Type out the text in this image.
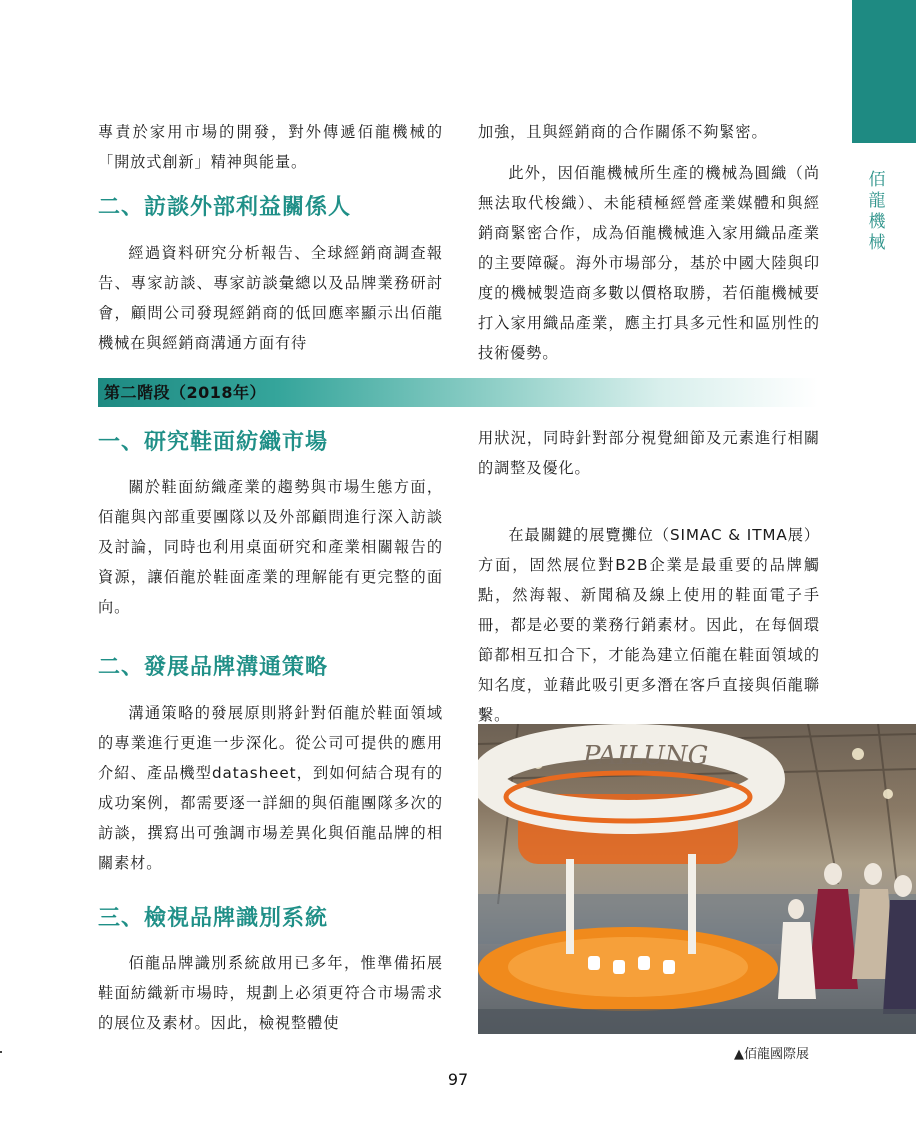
佰
龍
機
械

專責於家用市場的開發，對外傳遞佰龍機械的「開放式創新」精神與能量。

二、訪談外部利益關係人

經過資料研究分析報告、全球經銷商調查報告、專家訪談、專家訪談彙總以及品牌業務研討會，顧問公司發現經銷商的低回應率顯示出佰龍機械在與經銷商溝通方面有待

加強，且與經銷商的合作關係不夠緊密。

此外，因佰龍機械所生產的機械為圓織（尚無法取代梭織）、未能積極經營產業媒體和與經銷商緊密合作，成為佰龍機械進入家用織品產業的主要障礙。海外市場部分，基於中國大陸與印度的機械製造商多數以價格取勝，若佰龍機械要打入家用織品產業，應主打具多元性和區別性的技術優勢。

第二階段（2018年）
一、研究鞋面紡織市場

關於鞋面紡織產業的趨勢與市場生態方面，佰龍與內部重要團隊以及外部顧問進行深入訪談及討論，同時也利用桌面研究和產業相關報告的資源，讓佰龍於鞋面產業的理解能有更完整的面向。

二、發展品牌溝通策略

溝通策略的發展原則將針對佰龍於鞋面領域的專業進行更進一步深化。從公司可提供的應用介紹、產品機型datasheet，到如何結合現有的成功案例，都需要逐一詳細的與佰龍團隊多次的訪談，撰寫出可強調市場差異化與佰龍品牌的相關素材。

三、檢視品牌識別系統

佰龍品牌識別系統啟用已多年，惟準備拓展鞋面紡織新市場時，規劃上必須更符合市場需求的展位及素材。因此，檢視整體使

用狀況，同時針對部分視覺細節及元素進行相關的調整及優化。

在最關鍵的展覽攤位（SIMAC & ITMA展）方面，固然展位對B2B企業是最重要的品牌觸點，然海報、新聞稿及線上使用的鞋面電子手冊，都是必要的業務行銷素材。因此，在每個環節都相互扣合下，才能為建立佰龍在鞋面領域的知名度，並藉此吸引更多潛在客戶直接與佰龍聯繫。

PAILUNG
▲佰龍國際展
97
